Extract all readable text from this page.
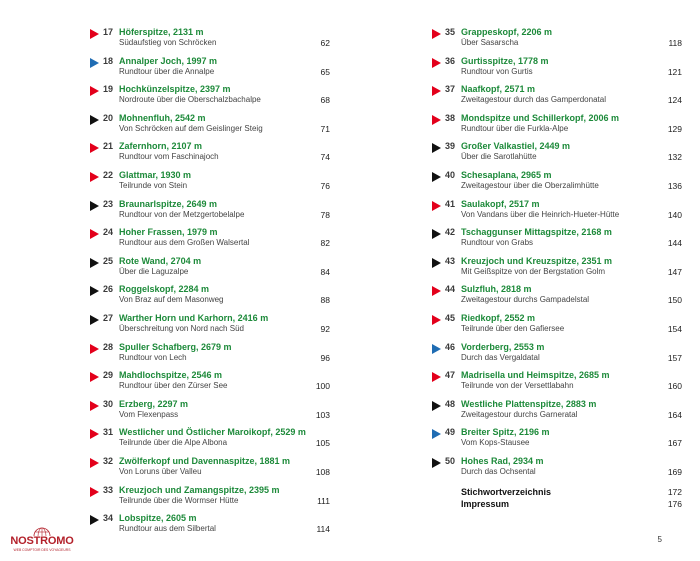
17 Höferspitze, 2131 m
Südaufstieg von Schröcken	62
18 Annalper Joch, 1997 m
Rundtour über die Annalpe	65
19 Hochkünzelspitze, 2397 m
Nordroute über die Oberschalzbachalpe	68
20 Mohnenfluh, 2542 m
Von Schröcken auf dem Geislinger Steig	71
21 Zafernhorn, 2107 m
Rundtour vom Faschinajoch	74
22 Glattmar, 1930 m
Teilrunde von Stein	76
23 Braunarlspitze, 2649 m
Rundtour von der Metzgertobelalpe	78
24 Hoher Frassen, 1979 m
Rundtour aus dem Großen Walsertal	82
25 Rote Wand, 2704 m
Über die Laguzalpe	84
26 Roggelskopf, 2284 m
Von Braz auf dem Masonweg	88
27 Warther Horn und Karhorn, 2416 m
Überschreitung von Nord nach Süd	92
28 Spuller Schafberg, 2679 m
Rundtour von Lech	96
29 Mahdlochspitze, 2546 m
Rundtour über den Zürser See	100
30 Erzberg, 2297 m
Vom Flexenpass	103
31 Westlicher und Östlicher Maroikopf, 2529 m
Teilrunde über die Alpe Albona	105
32 Zwölferkopf und Davennaspitze, 1881 m
Von Loruns über Valleu	108
33 Kreuzjoch und Zamangspitze, 2395 m
Teilrunde über die Wormser Hütte	111
34 Lobspitze, 2605 m
Rundtour aus dem Silbertal	114
35 Grappeskopf, 2206 m
Über Sasarscha	118
36 Gurtisspitze, 1778 m
Rundtour von Gurtis	121
37 Naafkopf, 2571 m
Zweitagestour durch das Gamperdonatal	124
38 Mondspitze und Schillerkopf, 2006 m
Rundtour über die Furkla-Alpe	129
39 Großer Valkastiel, 2449 m
Über die Sarotlahütte	132
40 Schesaplana, 2965 m
Zweitagestour über die Oberzalimhütte	136
41 Saulakopf, 2517 m
Von Vandans über die Heinrich-Hueter-Hütte	140
42 Tschaggunser Mittagspitze, 2168 m
Rundtour von Grabs	144
43 Kreuzjoch und Kreuzspitze, 2351 m
Mit Geißspitze von der Bergstation Golm	147
44 Sulzfluh, 2818 m
Zweitagestour durchs Gampadelstal	150
45 Riedkopf, 2552 m
Teilrunde über den Gafiersee	154
46 Vorderberg, 2553 m
Durch das Vergaldatal	157
47 Madrisella und Heimspitze, 2685 m
Teilrunde von der Versettlabahn	160
48 Westliche Plattenspitze, 2883 m
Zweitagestour durchs Garneratal	164
49 Breiter Spitz, 2196 m
Vom Kops-Stausee	167
50 Hohes Rad, 2934 m
Durch das Ochsental	169
Stichwortverzeichnis	172
Impressum	176
5
NOSTROMO
WEB COMPTOIR DES VOYAGEURS
